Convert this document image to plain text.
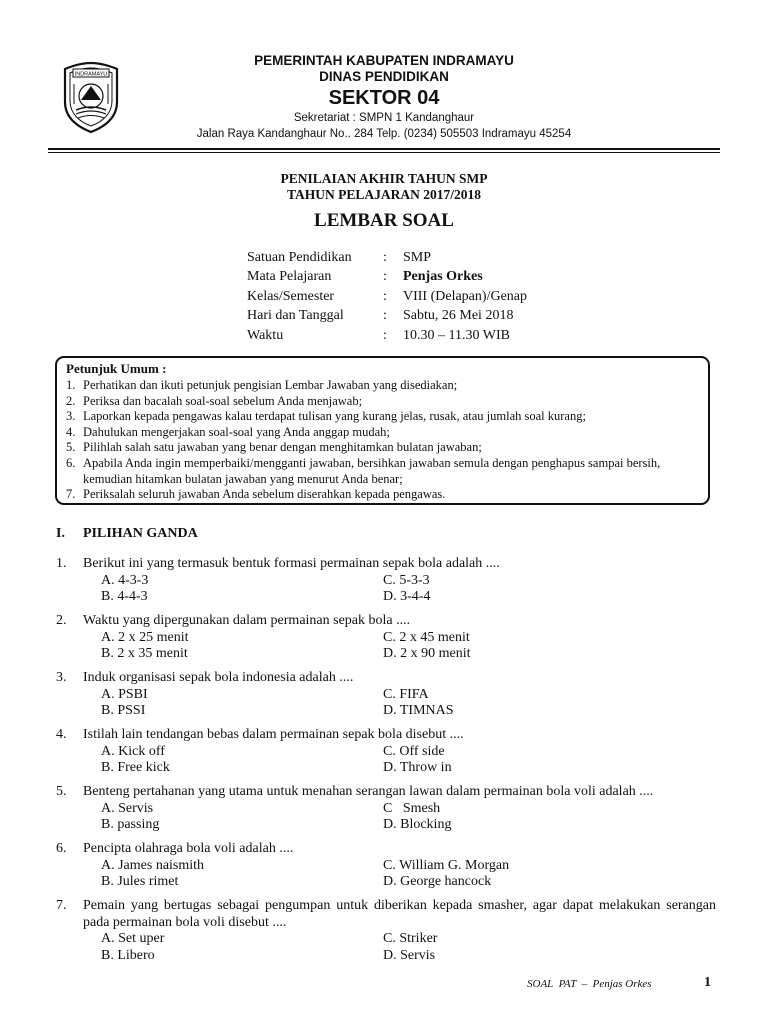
INDRAMAYU
PEMERINTAH KABUPATEN INDRAMAYU
DINAS PENDIDIKAN
SEKTOR 04
Sekretariat : SMPN 1 Kandanghaur
Jalan Raya Kandanghaur No.. 284 Telp. (0234) 505503 Indramayu 45254
PENILAIAN AKHIR TAHUN SMP
TAHUN PELAJARAN 2017/2018
LEMBAR SOAL
Satuan Pendidikan	:	SMP
Mata Pelajaran	:	Penjas Orkes
Kelas/Semester	:	VIII (Delapan)/Genap
Hari dan Tanggal	:	Sabtu, 26 Mei 2018
Waktu	:	10.30 – 11.30 WIB
Petunjuk Umum :
1. Perhatikan dan ikuti petunjuk pengisian Lembar Jawaban yang disediakan;
2. Periksa dan bacalah soal-soal sebelum Anda menjawab;
3. Laporkan kepada pengawas kalau terdapat tulisan yang kurang jelas, rusak, atau jumlah soal kurang;
4. Dahulukan mengerjakan soal-soal yang Anda anggap mudah;
5. Pilihlah salah satu jawaban yang benar dengan menghitamkan bulatan jawaban;
6. Apabila Anda ingin memperbaiki/mengganti jawaban, bersihkan jawaban semula dengan penghapus sampai bersih, kemudian hitamkan bulatan jawaban yang menurut Anda benar;
7. Periksalah seluruh jawaban Anda sebelum diserahkan kepada pengawas.
I. PILIHAN GANDA
1.	Berikut ini yang termasuk bentuk formasi permainan sepak bola adalah ....
A. 4-3-3	C. 5-3-3
B. 4-4-3	D. 3-4-4
2.	Waktu yang dipergunakan dalam permainan sepak bola ....
A. 2 x 25 menit	C. 2 x 45 menit
B. 2 x 35 menit	D. 2 x 90 menit
3.	Induk organisasi sepak bola indonesia adalah ....
A. PSBI	C. FIFA
B. PSSI	D. TIMNAS
4.	Istilah lain tendangan bebas dalam permainan sepak bola disebut ....
A. Kick off	C. Off side
B. Free kick	D. Throw in
5.	Benteng pertahanan yang utama untuk menahan serangan lawan dalam permainan bola voli adalah ....
A. Servis	C   Smesh
B. passing	D. Blocking
6.	Pencipta olahraga bola voli adalah ....
A. James naismith	C. William G. Morgan
B. Jules rimet	D. George hancock
7.	Pemain yang bertugas sebagai pengumpan untuk diberikan kepada smasher, agar dapat melakukan serangan pada permainan bola voli disebut ....
A. Set uper	C. Striker
B. Libero	D. Servis
SOAL  PAT  –  Penjas Orkes	1
